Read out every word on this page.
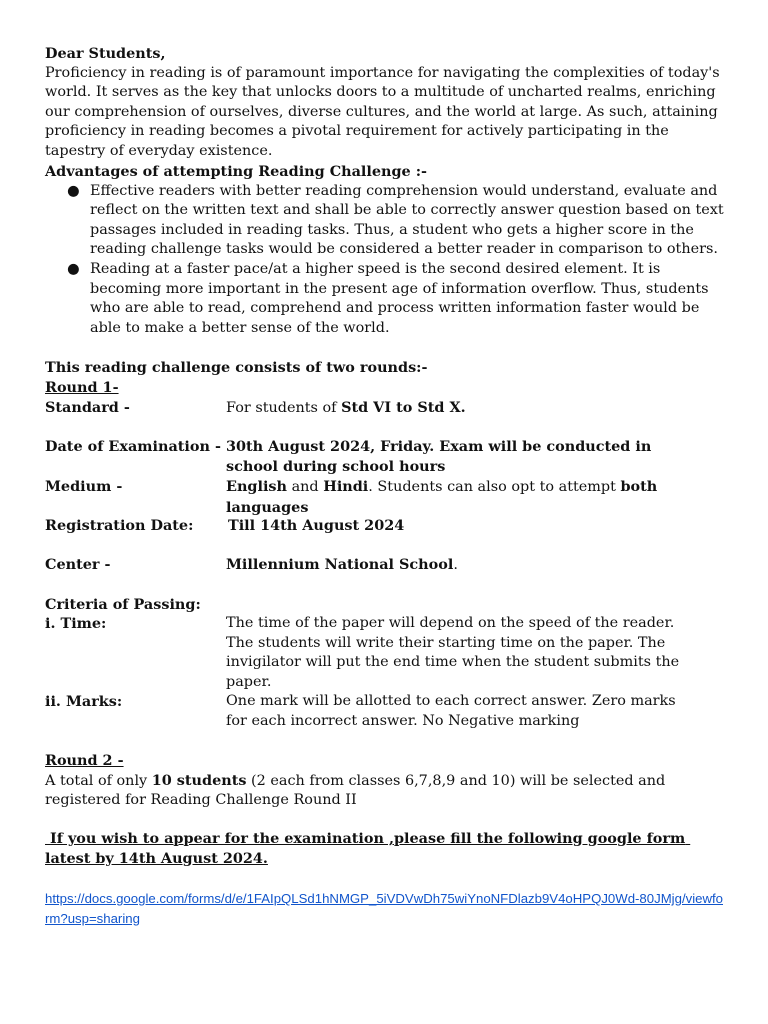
Dear Students,

Proficiency in reading is of paramount importance for navigating the complexities of today's world. It serves as the key that unlocks doors to a multitude of uncharted realms, enriching our comprehension of ourselves, diverse cultures, and the world at large. As such, attaining proficiency in reading becomes a pivotal requirement for actively participating in the tapestry of everyday existence.

Advantages of attempting Reading Challenge :-

● Effective readers with better reading comprehension would understand, evaluate and reflect on the written text and shall be able to correctly answer question based on text passages included in reading tasks. Thus, a student who gets a higher score in the reading challenge tasks would be considered a better reader in comparison to others.
● Reading at a faster pace/at a higher speed is the second desired element. It is becoming more important in the present age of information overflow. Thus, students who are able to read, comprehend and process written information faster would be able to make a better sense of the world.

This reading challenge consists of two rounds:-

Round 1-

Standard -	For students of Std VI to Std X.
Date of Examination - 30th August 2024, Friday. Exam will be conducted in school during school hours
Medium -	English and Hindi. Students can also opt to attempt both languages
Registration Date:	Till 14th August 2024
Center -	Millennium National School.

Criteria of Passing:

i. Time:	The time of the paper will depend on the speed of the reader. The students will write their starting time on the paper. The invigilator will put the end time when the student submits the paper.
ii. Marks:	One mark will be allotted to each correct answer. Zero marks for each incorrect answer. No Negative marking

Round 2 -

A total of only 10 students (2 each from classes 6,7,8,9 and 10) will be selected and registered for Reading Challenge Round II

If you wish to appear for the examination ,please fill the following google form latest by 14th August 2024.

https://docs.google.com/forms/d/e/1FAIpQLSd1hNMGP_5iVDVwDh75wiYnoNFDlazb9V4oHPQJ0Wd-80JMjg/viewform?usp=sharing
